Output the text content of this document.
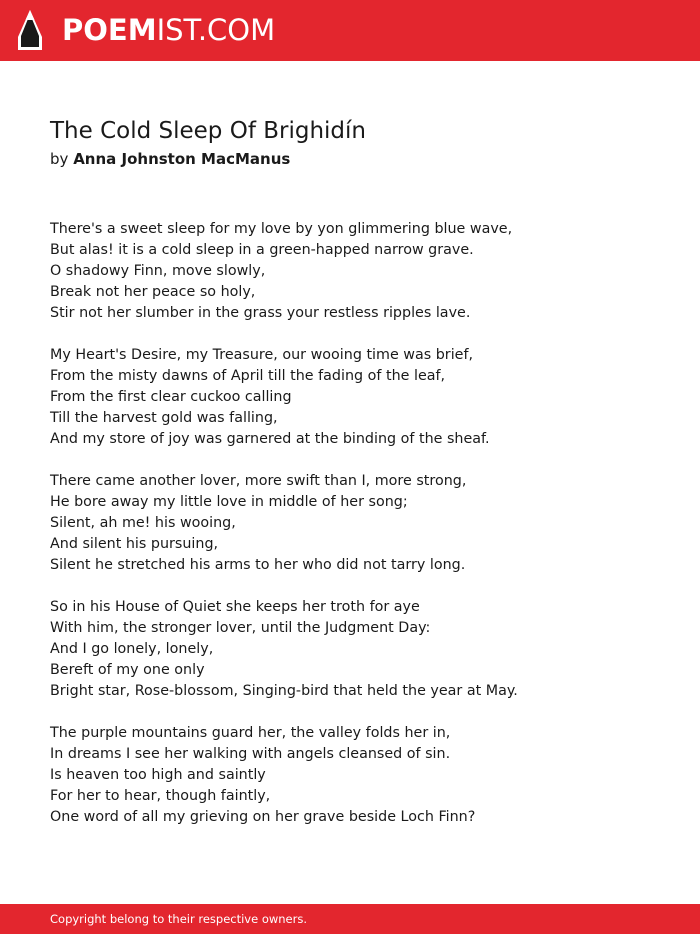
POEMIST.COM
The Cold Sleep Of Brighidín
by Anna Johnston MacManus

There's a sweet sleep for my love by yon glimmering blue wave,
But alas! it is a cold sleep in a green-happed narrow grave.
O shadowy Finn, move slowly,
Break not her peace so holy,
Stir not her slumber in the grass your restless ripples lave.

My Heart's Desire, my Treasure, our wooing time was brief,
From the misty dawns of April till the fading of the leaf,
From the first clear cuckoo calling
Till the harvest gold was falling,
And my store of joy was garnered at the binding of the sheaf.

There came another lover, more swift than I, more strong,
He bore away my little love in middle of her song;
Silent, ah me! his wooing,
And silent his pursuing,
Silent he stretched his arms to her who did not tarry long.

So in his House of Quiet she keeps her troth for aye
With him, the stronger lover, until the Judgment Day:
And I go lonely, lonely,
Bereft of my one only
Bright star, Rose-blossom, Singing-bird that held the year at May.

The purple mountains guard her, the valley folds her in,
In dreams I see her walking with angels cleansed of sin.
Is heaven too high and saintly
For her to hear, though faintly,
One word of all my grieving on her grave beside Loch Finn?

Copyright belong to their respective owners.
